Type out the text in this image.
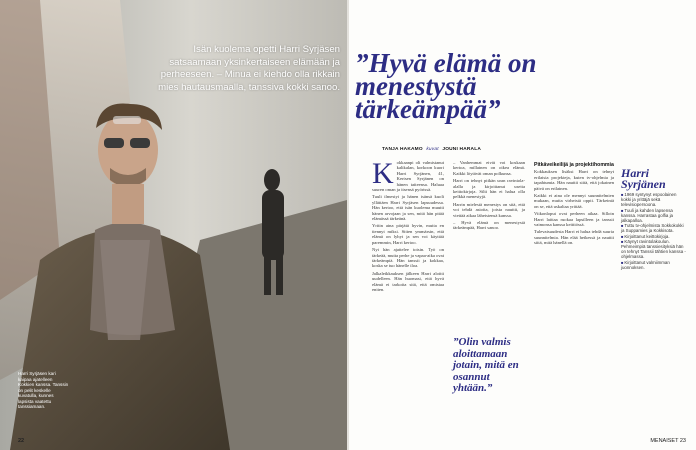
Isän kuolema opetti Harri Syrjäsen satsaamaan yksinkertaiseen elämään ja perheeseen. – Minua ei kiehdo olla rikkain mies hautausmaalla, tanssiva kokki sanoo.
Harri Syrjäsen kari kaipaa ajatelleen Kokkien kanssa. Tanssin on pelit keskelle kuvatulla, kunnes lapsista vaatettu tanssiamaan.
22
”Hyvä elämä on menestystä tärkeämpää”
TANJA HAKAMO kuvat JOUNI HARALA
K okkaanpi oli valmistanut kalikalan, korkoon kuori Harri Syrjänen, 41, Kertsen Syrjänen on hänen taiteensa. Haluaa suuren oman ja itsensä pyörissä.

Tuuli ilmestyi ja hänen isänsä kuoli yllättäen Harri Syrjäsen lapsuudessa. Hän kertoo, että isän kuolema muutti hänen arvojaan ja sen, mitä hän pitää elämässä tärkeänä.

Yritin aina pärjätä hyvin, mutta en tiennyt miksi. Sitten ymmärsin, että elämä on lyhyt ja sen voi käyttää paremmin, Harri kertoo.

Nyt hän ajattelee toisin. Työ on tärkeää, mutta perhe ja vapaa-aika ovat tärkeämpiä. Hän tanssii ja kokkaa, koska se tuo hänelle iloa.

Jalkaleikkauksen jälkeen Harri aloitti uudelleen. Hän huomasi, että hyvä elämä ei tarkoita sitä, että omistaa eniten.

– Vanhemmat eivät voi koskaan kertoa, millainen on oikea elämä. Kaikki löytävät oman polkunsa.

Harri on tehnyt pitkän uran ravintola-alalla ja kirjoittanut useita keittokirjoja. Silti hän ei halua olla pelkkä menestyjä.

Harrin mielestä menestys on sitä, että voi tehdä asioita, joista nauttii, ja viettää aikaa läheistensä kanssa.

– Hyvä elämä on menestystä tärkeämpää, Harri sanoo.

”Olin valmis aloittamaan jotain, mitä en osannut yhtään.”

Pitkäveikeilijä ja projektihommia

Kokkauksen lisäksi Harri on tehnyt erilaisia projekteja, kuten tv-ohjelmia ja tapahtumia. Hän nauttii siitä, että jokainen päivä on erilainen.

Kaikki ei aina ole mennyt suunnitelmien mukaan, mutta virheistä oppii. Tärkeintä on se, että uskaltaa yrittää.

Viikonloput ovat perheen aikaa. Silloin Harri laittaa ruokaa lapsilleen ja tanssii vaimonsa kanssa keittiössä.

Tulevaisuudesta Harri ei halua tehdä suuria suunnitelmia. Hän elää hetkessä ja nauttii siitä, mitä hänellä on.

Harri Syrjänen
■ 1969 syntynyt espoolainen kokki ja yrittäjä sekä televisiopersoona.
■ Tuuli ja kahden lapsensa kanssa. Harrastaa golfia ja jalkapalloa.
■ Tuttu tv-ohjelmista Sokkokokki ja Suppamies ja Kokkisota.
■ Kirjoittanut keittokirjoja.
■ Käynyt ravintolakoulun. Pehmeimpiä tanssiesityksiä hän on tehnyt Tanssii tähtien kanssa -ohjelmassa.
■ Kirjoittanut valmiimman juonnoksen.
MENAISET 23
